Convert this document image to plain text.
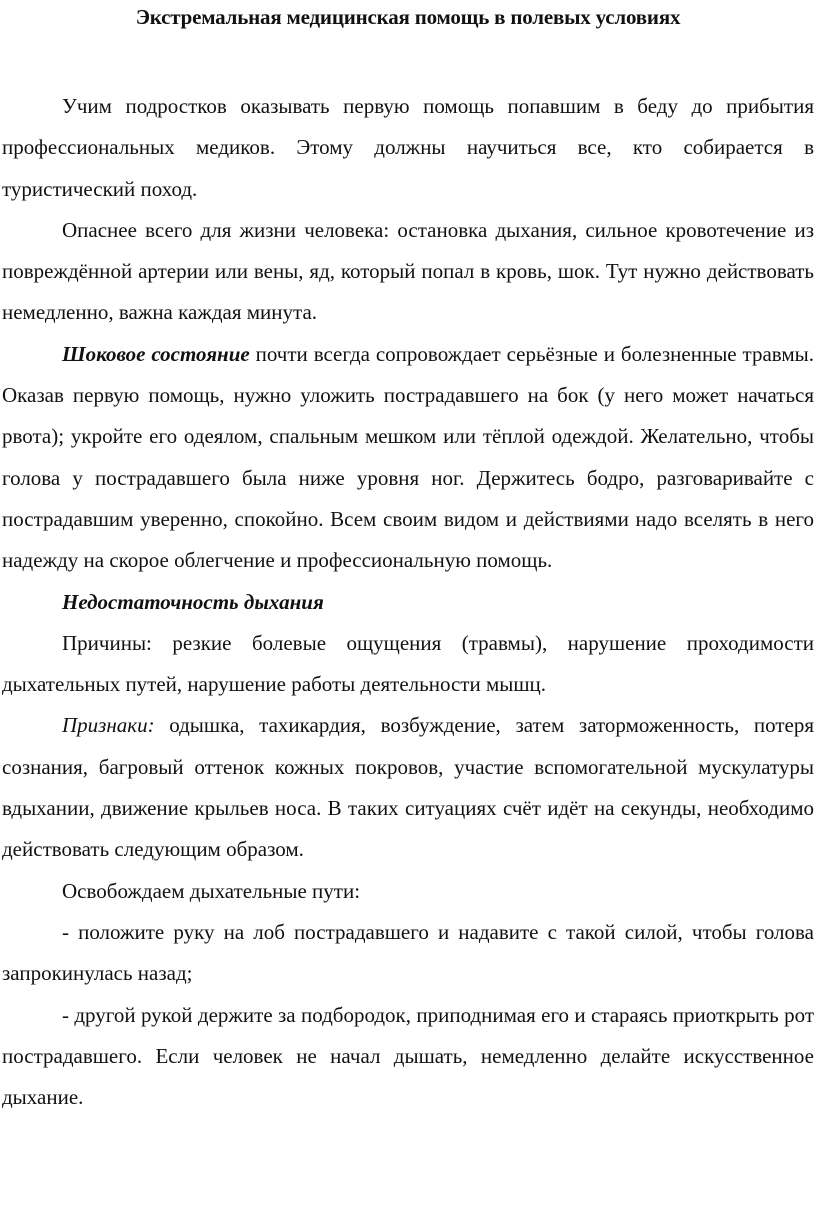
Экстремальная медицинская помощь в полевых условиях

Учим подростков оказывать первую помощь попавшим в беду до прибытия профессиональных медиков. Этому должны научиться все, кто собирается в туристический поход.

Опаснее всего для жизни человека: остановка дыхания, сильное кровотечение из повреждённой артерии или вены, яд, который попал в кровь, шок. Тут нужно действовать немедленно, важна каждая минута.

Шоковое состояние почти всегда сопровождает серьёзные и болезненные травмы. Оказав первую помощь, нужно уложить пострадавшего на бок (у него может начаться рвота); укройте его одеялом, спальным мешком или тёплой одеждой. Желательно, чтобы голова у пострадавшего была ниже уровня ног. Держитесь бодро, разговаривайте с пострадавшим уверенно, спокойно. Всем своим видом и действиями надо вселять в него надежду на скорое облегчение и профессиональную помощь.

Недостаточность дыхания

Причины: резкие болевые ощущения (травмы), нарушение проходимости дыхательных путей, нарушение работы деятельности мышц.

Признаки: одышка, тахикардия, возбуждение, затем заторможенность, потеря сознания, багровый оттенок кожных покровов, участие вспомогательной мускулатуры вдыхании, движение крыльев носа. В таких ситуациях счёт идёт на секунды, необходимо действовать следующим образом.

Освобождаем дыхательные пути:

- положите руку на лоб пострадавшего и надавите с такой силой, чтобы голова запрокинулась назад;

- другой рукой держите за подбородок, приподнимая его и стараясь приоткрыть рот пострадавшего. Если человек не начал дышать, немедленно делайте искусственное дыхание.
